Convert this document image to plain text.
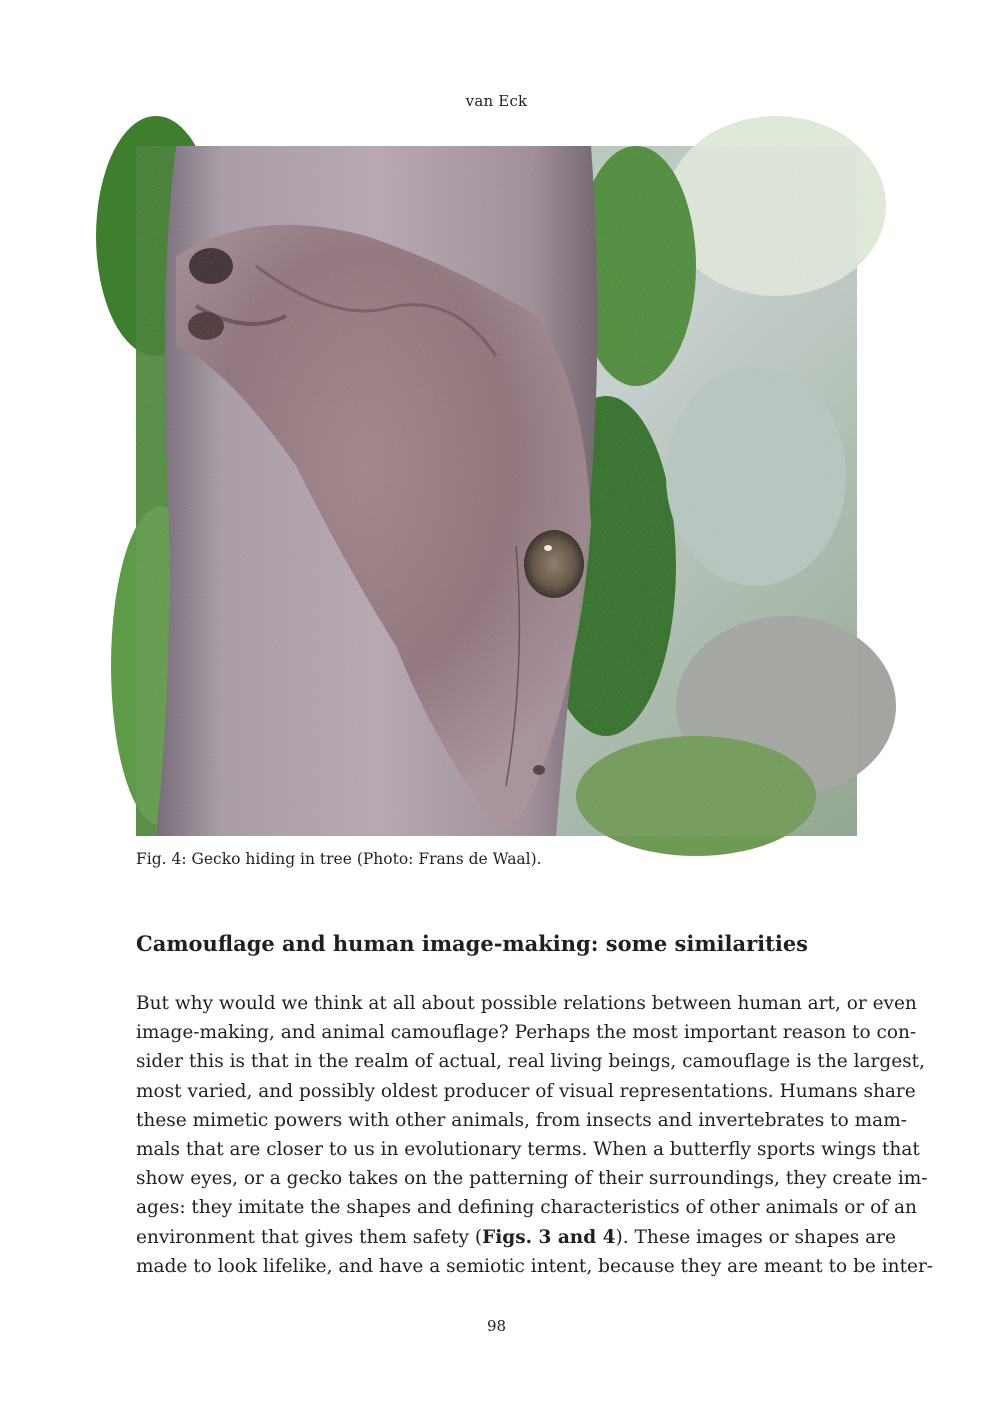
van Eck
Fig. 4: Gecko hiding in tree (Photo: Frans de Waal).
Camouflage and human image-making: some similarities
But why would we think at all about possible relations between human art, or even
image-making, and animal camouflage? Perhaps the most important reason to con-
sider this is that in the realm of actual, real living beings, camouflage is the largest,
most varied, and possibly oldest producer of visual representations. Humans share
these mimetic powers with other animals, from insects and invertebrates to mam-
mals that are closer to us in evolutionary terms. When a butterfly sports wings that
show eyes, or a gecko takes on the patterning of their surroundings, they create im-
ages: they imitate the shapes and defining characteristics of other animals or of an
environment that gives them safety (Figs. 3 and 4). These images or shapes are
made to look lifelike, and have a semiotic intent, because they are meant to be inter-
98
